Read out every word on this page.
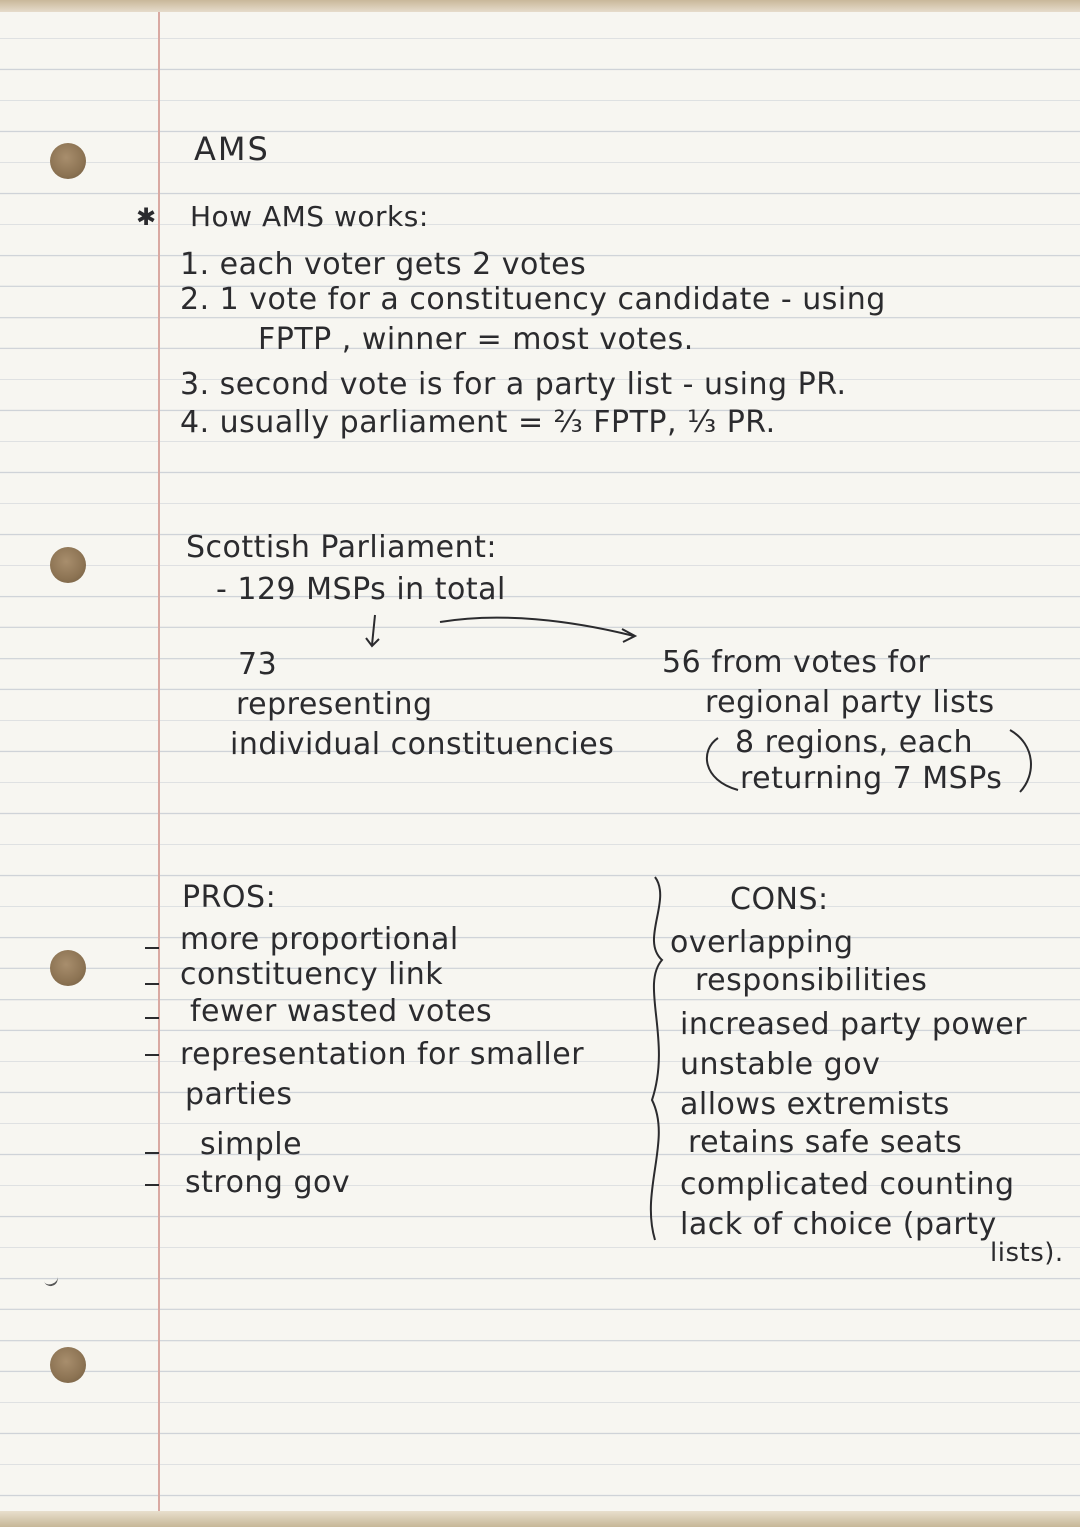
AMS
✱ How AMS works:
1. each voter gets 2 votes
2. 1 vote for a constituency candidate - using
FPTP , winner = most votes.
3. second vote is for a party list - using PR.
4. usually parliament = ⅔ FPTP, ⅓ PR.
Scottish Parliament:
- 129 MSPs in total
73
representing
individual constituencies
56 from votes for
regional party lists
8 regions, each
returning 7 MSPs
PROS:
more proportional
constituency link
fewer wasted votes
representation for smaller
parties
simple
strong gov
CONS:
overlapping
responsibilities
increased party power
unstable gov
allows extremists
retains safe seats
complicated counting
lack of choice (party
lists).
